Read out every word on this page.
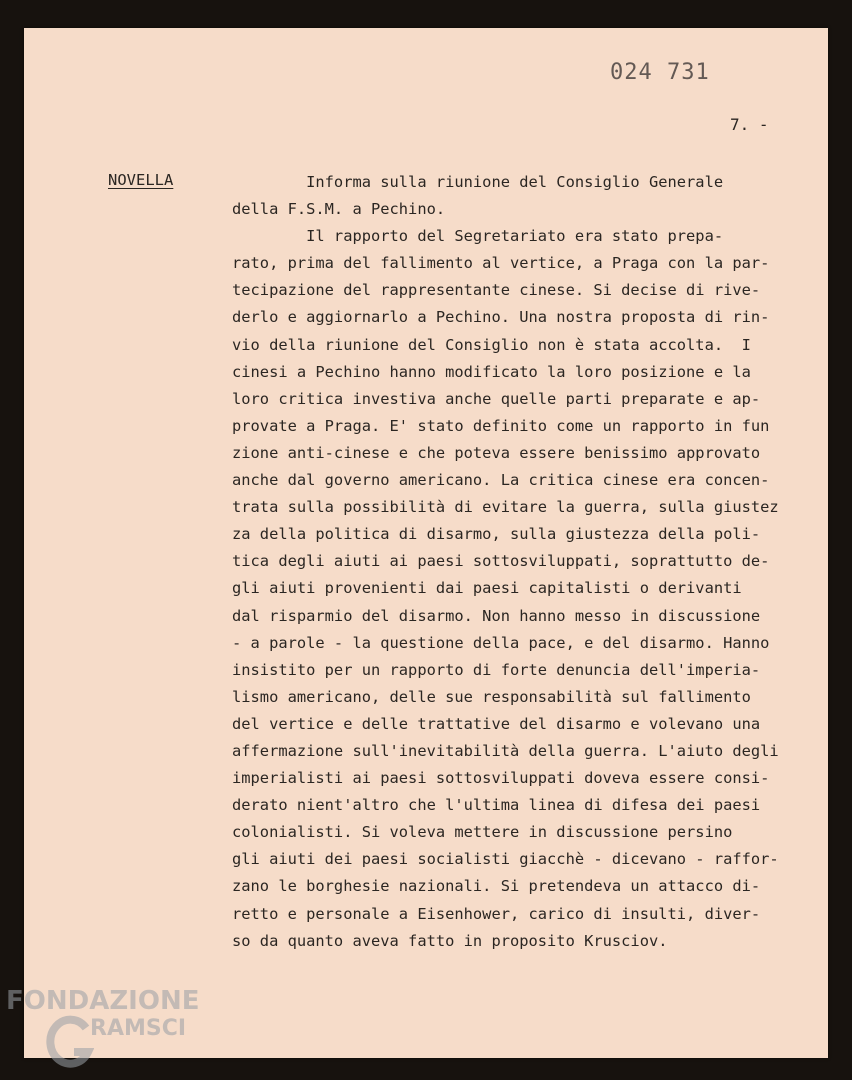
024 731
7. -
NOVELLA	Informa sulla riunione del Consiglio Generale
della F.S.M. a Pechino.
Il rapporto del Segretariato era stato prepa-
rato, prima del fallimento al vertice, a Praga con la par-
tecipazione del rappresentante cinese. Si decise di rive-
derlo e aggiornarlo a Pechino. Una nostra proposta di rin-
vio della riunione del Consiglio non è stata accolta.  I
cinesi a Pechino hanno modificato la loro posizione e la
loro critica investiva anche quelle parti preparate e ap-
provate a Praga. E' stato definito come un rapporto in fun
zione anti-cinese e che poteva essere benissimo approvato
anche dal governo americano. La critica cinese era concen-
trata sulla possibilità di evitare la guerra, sulla giustez
za della politica di disarmo, sulla giustezza della poli-
tica degli aiuti ai paesi sottosviluppati, soprattutto de-
gli aiuti provenienti dai paesi capitalisti o derivanti
dal risparmio del disarmo. Non hanno messo in discussione
- a parole - la questione della pace, e del disarmo. Hanno
insistito per un rapporto di forte denuncia dell'imperia-
lismo americano, delle sue responsabilità sul fallimento
del vertice e delle trattative del disarmo e volevano una
affermazione sull'inevitabilità della guerra. L'aiuto degli
imperialisti ai paesi sottosviluppati doveva essere consi-
derato nient'altro che l'ultima linea di difesa dei paesi
colonialisti. Si voleva mettere in discussione persino
gli aiuti dei paesi socialisti giacchè - dicevano - raffor-
zano le borghesie nazionali. Si pretendeva un attacco di-
retto e personale a Eisenhower, carico di insulti, diver-
so da quanto aveva fatto in proposito Krusciov.
FONDAZIONE
RAMSCI
